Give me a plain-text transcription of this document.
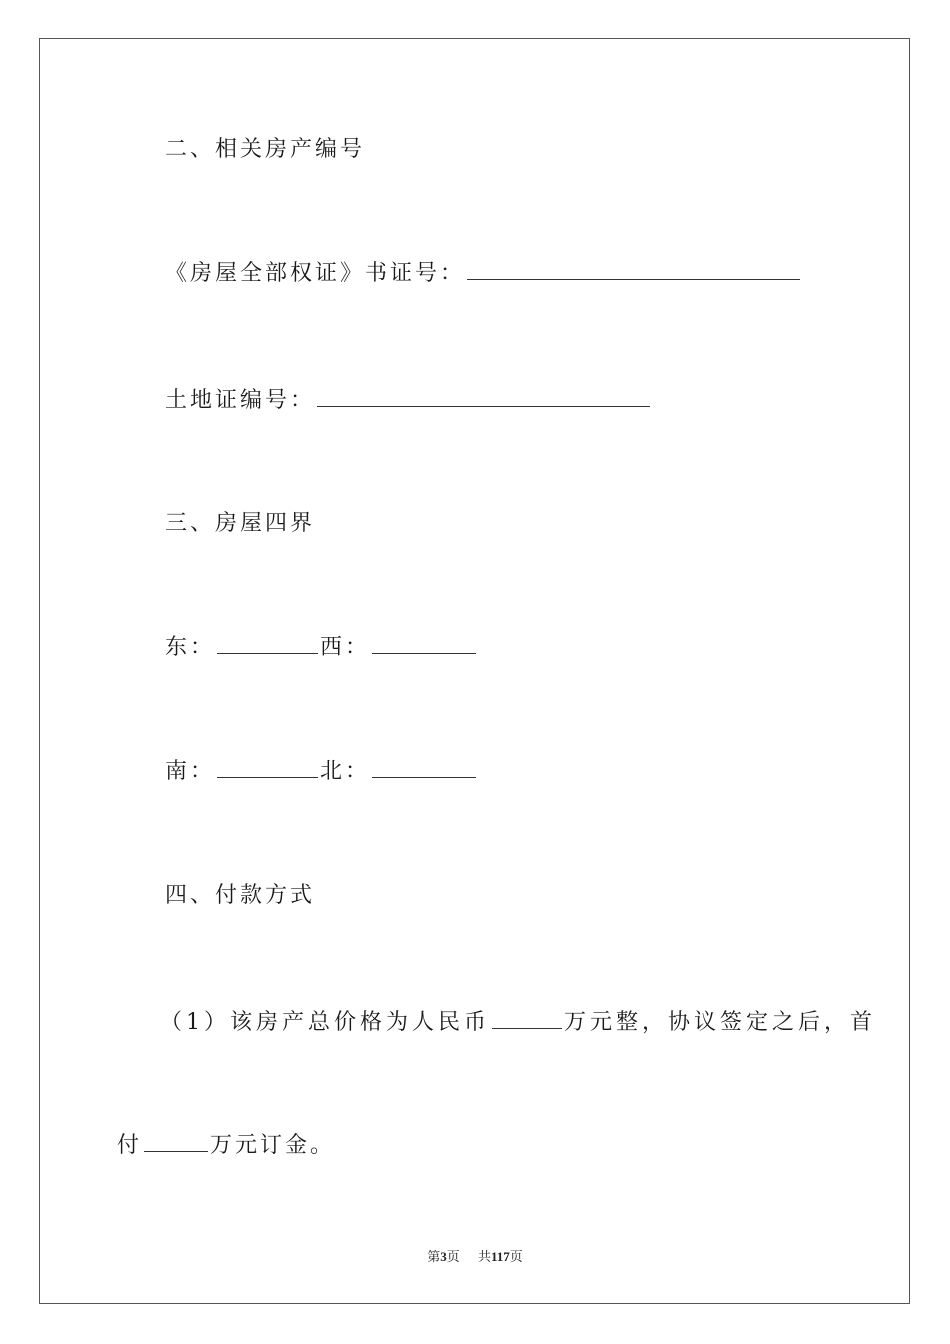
二、相关房产编号
《房屋全部权证》书证号：
土地证编号：
三、房屋四界
东：	西：
南：	北：
四、付款方式
（1）该房产总价格为人民币	万元整，协议签定之后，首
付	万元订金。
第3页 共117页
